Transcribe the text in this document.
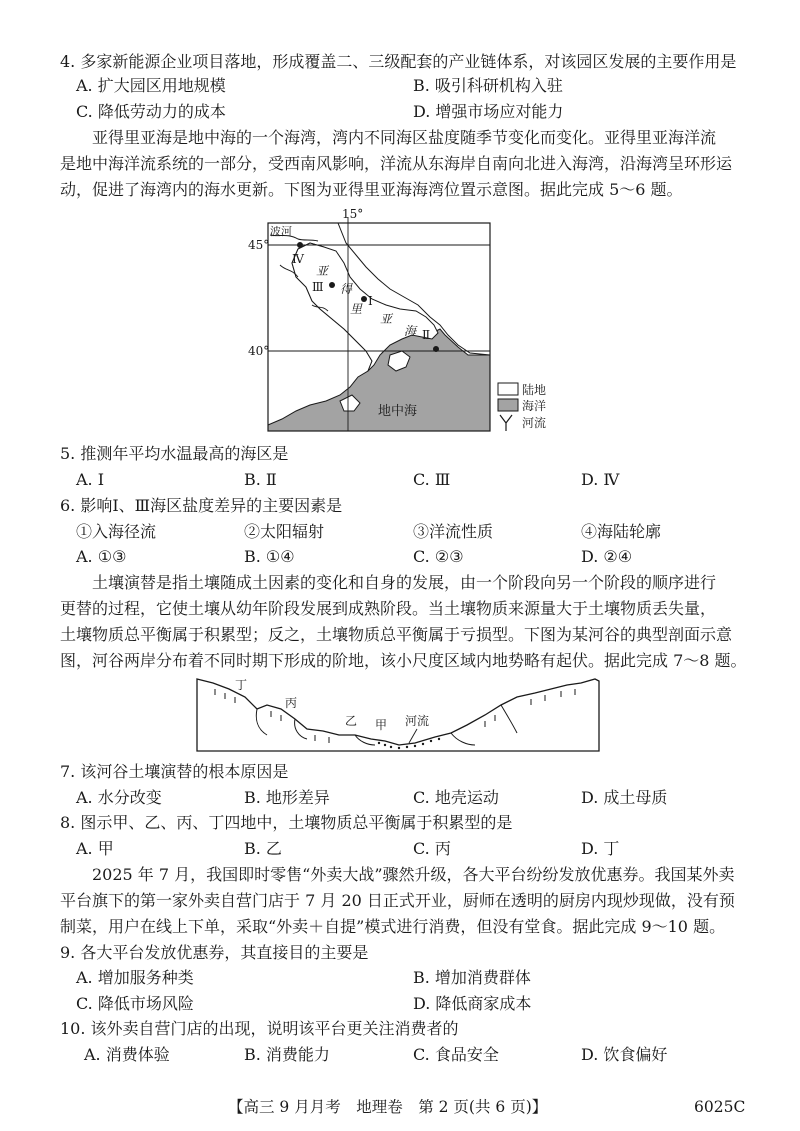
4. 多家新能源企业项目落地，形成覆盖二、三级配套的产业链体系，对该园区发展的主要作用是
A. 扩大园区用地规模	B. 吸引科研机构入驻
C. 降低劳动力的成本	D. 增强市场应对能力
亚得里亚海是地中海的一个海湾，湾内不同海区盐度随季节变化而变化。亚得里亚海洋流
是地中海洋流系统的一部分，受西南风影响，洋流从东海岸自南向北进入海湾，沿海湾呈环形运
动，促进了海湾内的海水更新。下图为亚得里亚海海湾位置示意图。据此完成 5～6 题。
15°
45°
40°
波河
Ⅳ
Ⅲ
Ⅰ
Ⅱ
亚
得
里
亚
海
地中海
陆地
海洋
河流
5. 推测年平均水温最高的海区是
A. Ⅰ	B. Ⅱ	C. Ⅲ	D. Ⅳ
6. 影响Ⅰ、Ⅲ海区盐度差异的主要因素是
①入海径流	②太阳辐射	③洋流性质	④海陆轮廓
A. ①③	B. ①④	C. ②③	D. ②④
土壤演替是指土壤随成土因素的变化和自身的发展，由一个阶段向另一个阶段的顺序进行
更替的过程，它使土壤从幼年阶段发展到成熟阶段。当土壤物质来源量大于土壤物质丢失量，
土壤物质总平衡属于积累型；反之，土壤物质总平衡属于亏损型。下图为某河谷的典型剖面示意
图，河谷两岸分布着不同时期下形成的阶地，该小尺度区域内地势略有起伏。据此完成 7～8 题。
丁
丙
乙 甲 河流
7. 该河谷土壤演替的根本原因是
A. 水分改变	B. 地形差异	C. 地壳运动	D. 成土母质
8. 图示甲、乙、丙、丁四地中，土壤物质总平衡属于积累型的是
A. 甲	B. 乙	C. 丙	D. 丁
2025 年 7 月，我国即时零售“外卖大战”骤然升级，各大平台纷纷发放优惠券。我国某外卖
平台旗下的第一家外卖自营门店于 7 月 20 日正式开业，厨师在透明的厨房内现炒现做，没有预
制菜，用户在线上下单，采取“外卖＋自提”模式进行消费，但没有堂食。据此完成 9～10 题。
9. 各大平台发放优惠券，其直接目的主要是
A. 增加服务种类	B. 增加消费群体
C. 降低市场风险	D. 降低商家成本
10. 该外卖自营门店的出现，说明该平台更关注消费者的
A. 消费体验	B. 消费能力	C. 食品安全	D. 饮食偏好
【高三 9 月月考　地理卷　第 2 页(共 6 页)】	6025C
